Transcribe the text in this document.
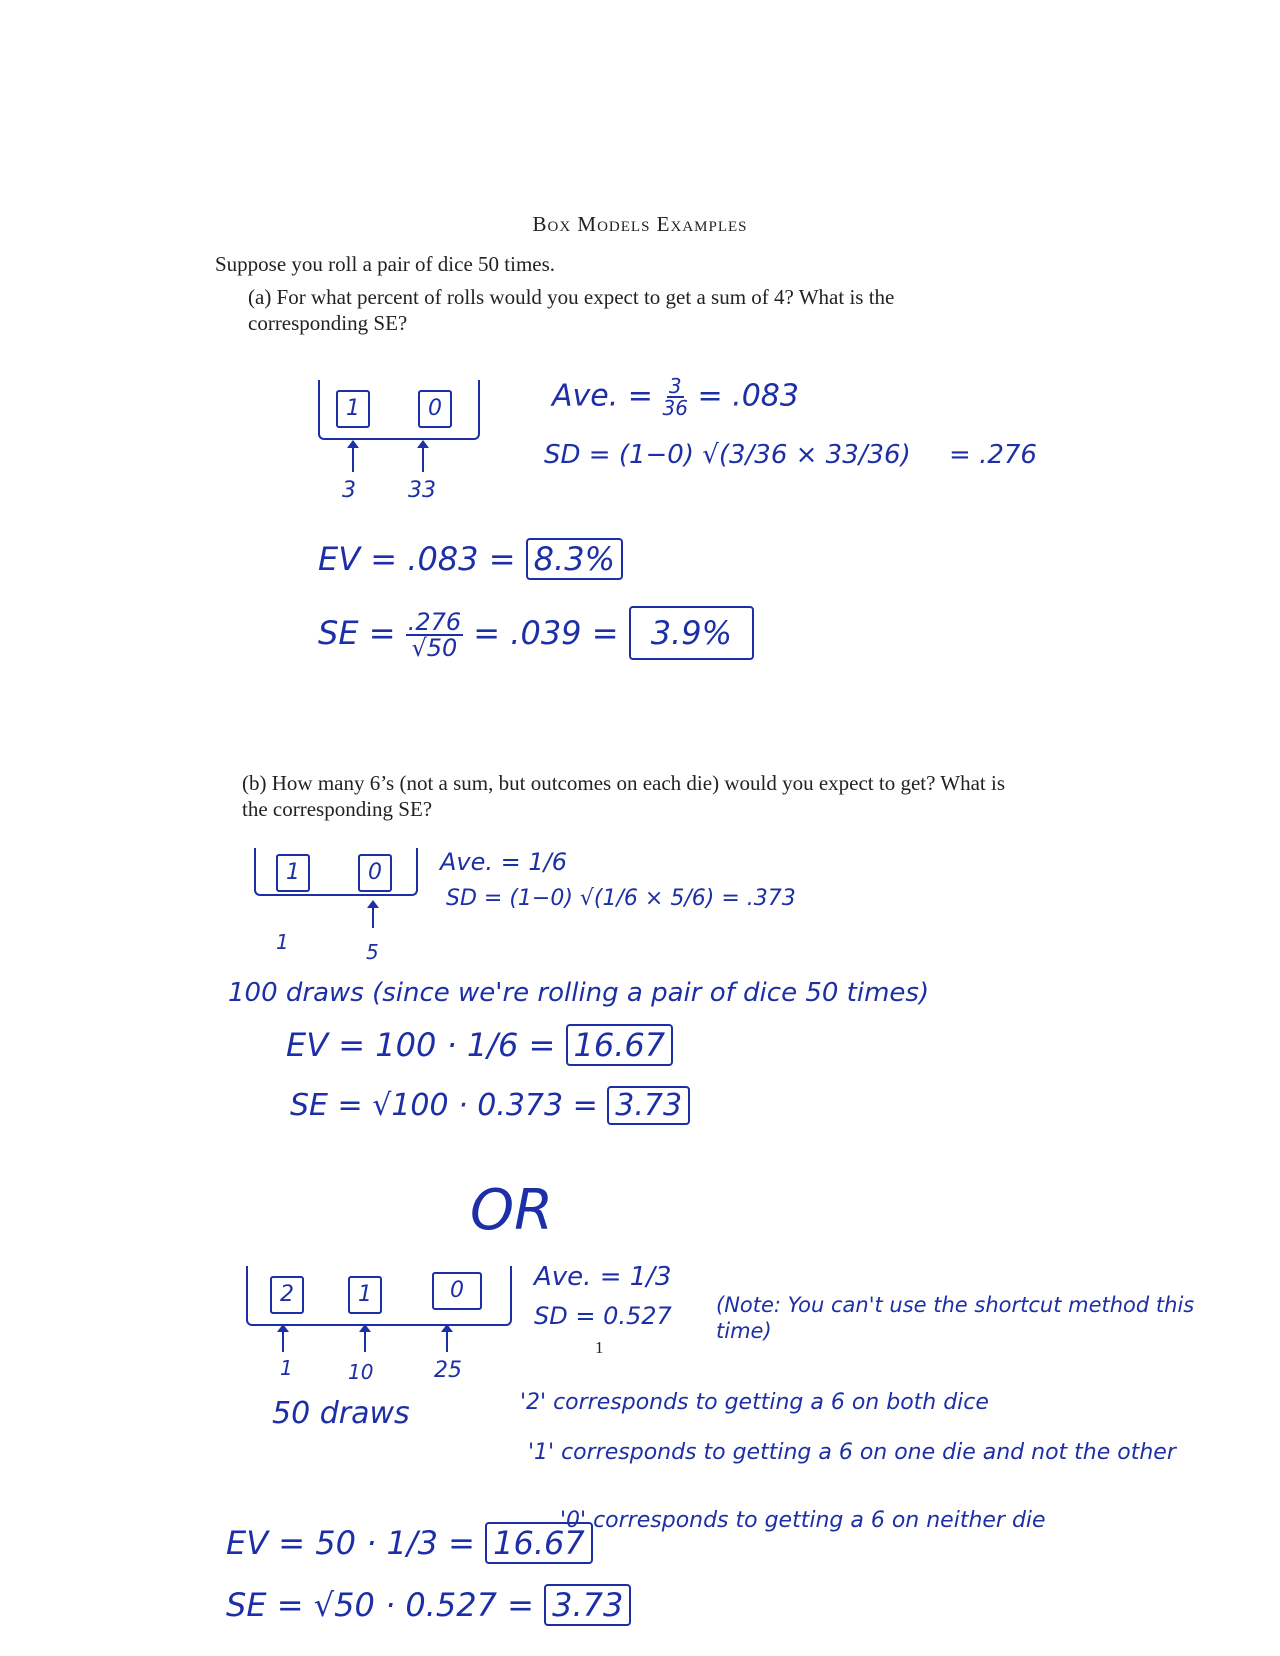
Box Models Examples
Suppose you roll a pair of dice 50 times.
(a) For what percent of rolls would you expect to get a sum of 4? What is the corresponding SE?
1	0
3 33
Ave. = $\frac{3}{36} = .083$
SD = (1−0) √(3/36 × 33/36) = .276
EV = .083 = 8.3%
SE = $\frac{.276}{√50} = .039 = 3.9\%$
(b) How many 6’s (not a sum, but outcomes on each die) would you expect to get? What is the corresponding SE?
1	0
1	5
Ave. = 1/6
SD = (1−0) √(1/6 × 5/6) = .373
100 draws (since we're rolling a pair of dice 50 times)
EV = 100 · 1/6 = 16.67
SE = √100 · 0.373 = 3.73
OR
2	1	0
1	10	25
50 draws
Ave. = 1/3
SD = 0.527 (Note: You can't use the shortcut method this time)
1
'2' corresponds to getting a 6 on both dice
'1' corresponds to getting a 6 on one die and not the other
'0' corresponds to getting a 6 on neither die
EV = 50 · 1/3 = 16.67
SE = √50 · 0.527 = 3.73
